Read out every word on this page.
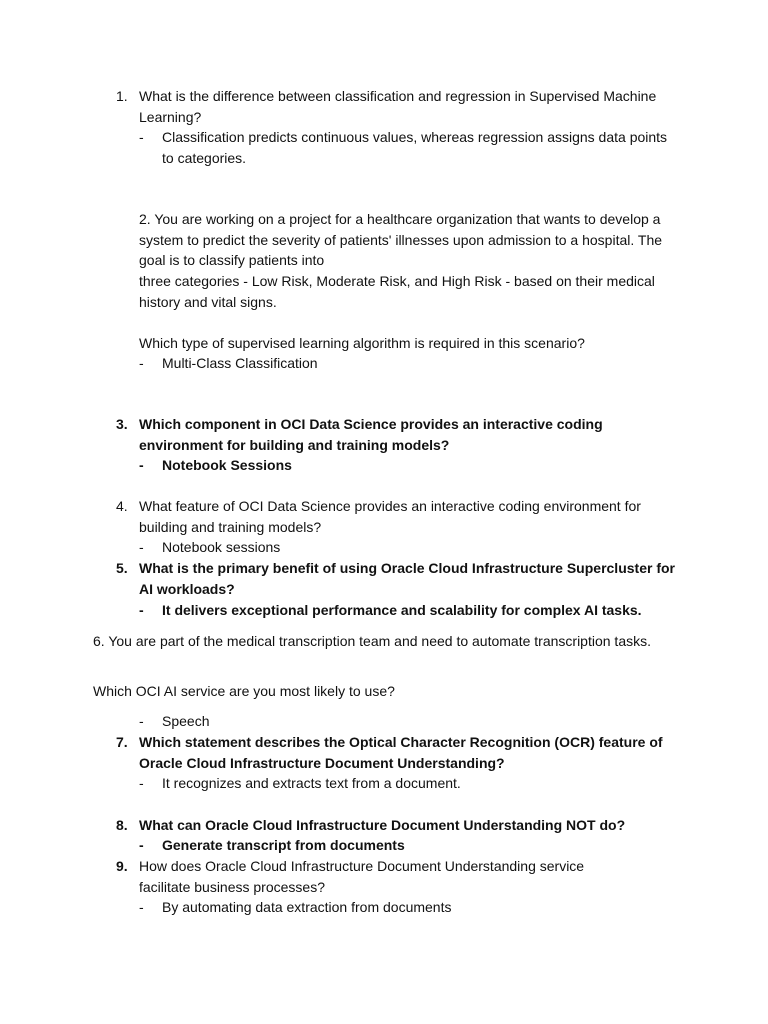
1. What is the difference between classification and regression in Supervised Machine Learning?
- Classification predicts continuous values, whereas regression assigns data points to categories.
2. You are working on a project for a healthcare organization that wants to develop a system to predict the severity of patients' illnesses upon admission to a hospital. The goal is to classify patients into
three categories - Low Risk, Moderate Risk, and High Risk - based on their medical history and vital signs.
Which type of supervised learning algorithm is required in this scenario?
- Multi-Class Classification
3. Which component in OCI Data Science provides an interactive coding environment for building and training models?
- Notebook Sessions
4. What feature of OCI Data Science provides an interactive coding environment for building and training models?
- Notebook sessions
5. What is the primary benefit of using Oracle Cloud Infrastructure Supercluster for AI workloads?
- It delivers exceptional performance and scalability for complex AI tasks.
6. You are part of the medical transcription team and need to automate transcription tasks.
Which OCI AI service are you most likely to use?
- Speech
7. Which statement describes the Optical Character Recognition (OCR) feature of Oracle Cloud Infrastructure Document Understanding?
- It recognizes and extracts text from a document.
8. What can Oracle Cloud Infrastructure Document Understanding NOT do?
- Generate transcript from documents
9. How does Oracle Cloud Infrastructure Document Understanding service facilitate business processes?
- By automating data extraction from documents
